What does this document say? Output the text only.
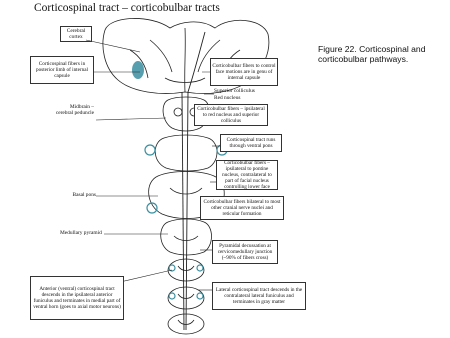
Corticospinal tract – corticobulbar tracts
Figure 22. Corticospinal and corticobulbar pathways.
Cerebral cortex
Corticospinal fibers in posterior limb of internal capsule
Corticobulbar fibers to control face motions are in genu of internal capsule
Superior colliculus
Red nucleus
Midbrain – cerebral peduncle
Corticobulbar fibers – ipsilateral to red nucleus and superior colliculus
Corticospinal tract runs through ventral pons
Corticobulbar fibers – ipsilateral to pontine nucleus, contralateral to part of facial nucleus controlling lower face
Basal pons
Corticobulbar fibers bilateral to most other cranial nerve nuclei and reticular formation
Medullary pyramid
Pyramidal decussation at cervicomedullary junction (~90% of fibers cross)
Anterior (ventral) corticospinal tract descends in the ipsilateral anterior funiculus and terminates in medial part of ventral horn (goes to axial motor neurons)
Lateral corticospinal tract descends in the contralateral lateral funiculus and terminates in gray matter
